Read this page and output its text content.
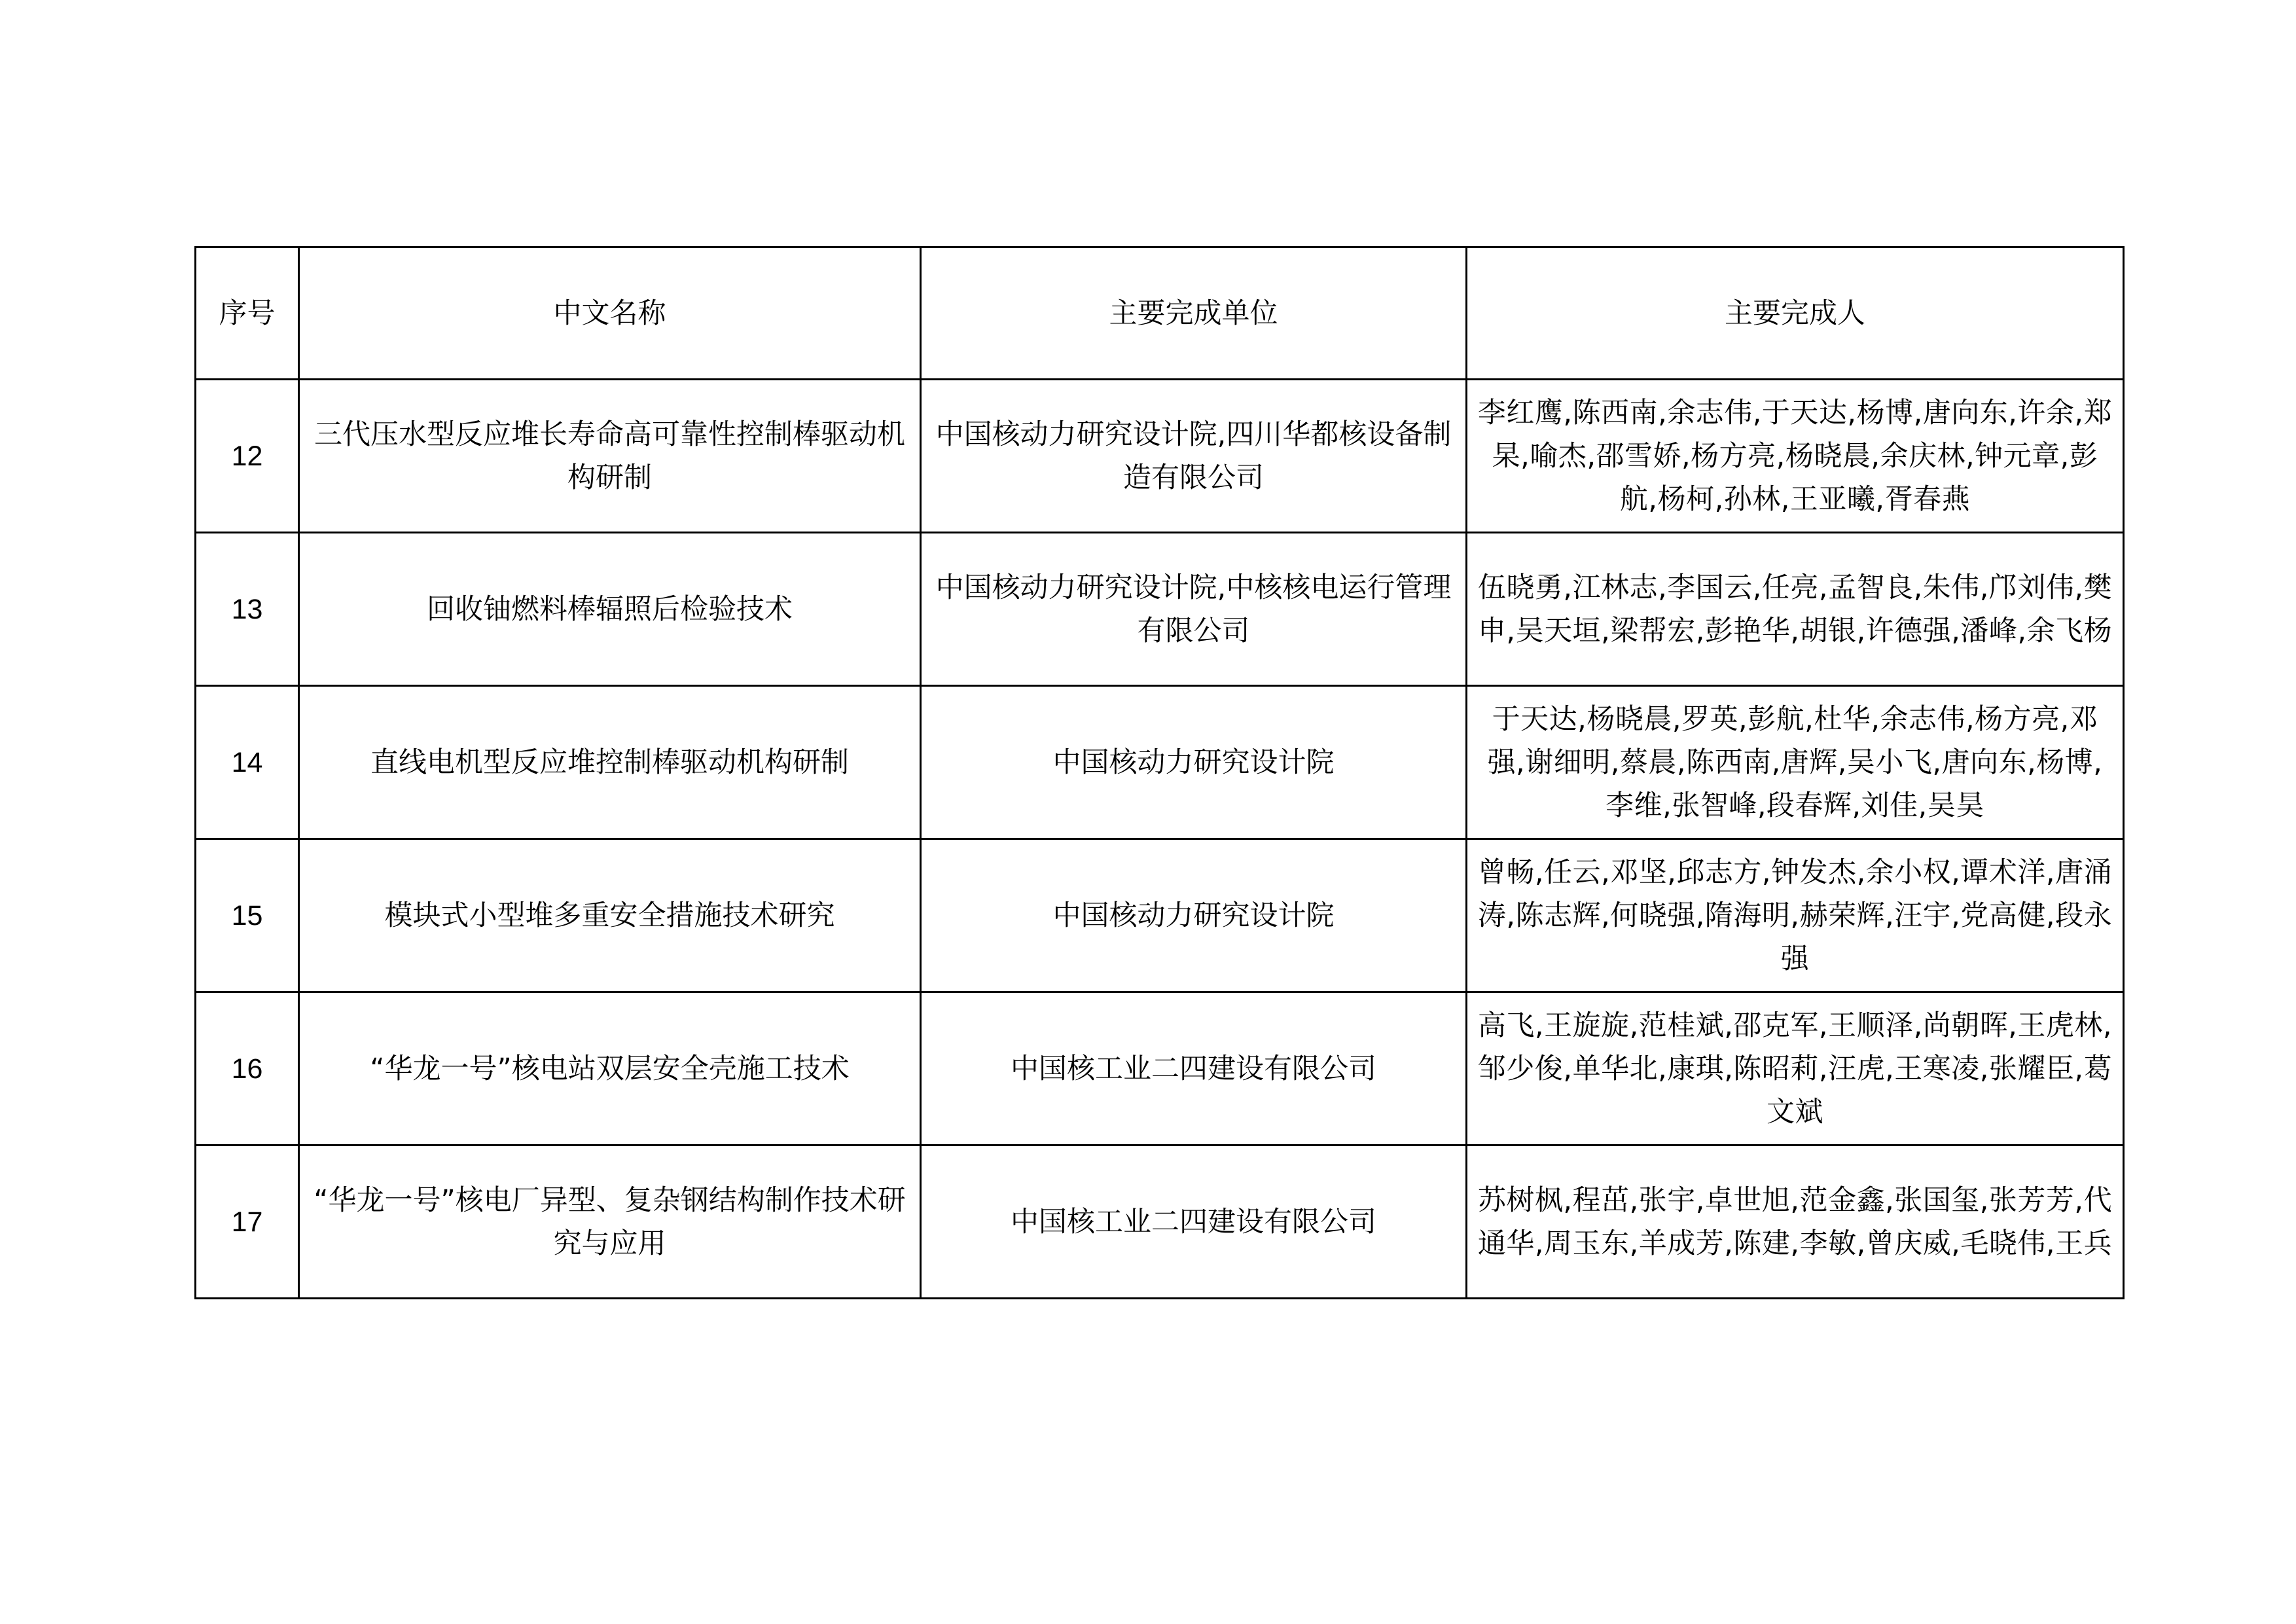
序号	中文名称	主要完成单位	主要完成人
12	三代压水型反应堆长寿命高可靠性控制棒驱动机构研制	中国核动力研究设计院,四川华都核设备制造有限公司	李红鹰,陈西南,余志伟,于天达,杨博,唐向东,许余,郑杲,喻杰,邵雪娇,杨方亮,杨晓晨,余庆林,钟元章,彭航,杨柯,孙林,王亚曦,胥春燕
13	回收铀燃料棒辐照后检验技术	中国核动力研究设计院,中核核电运行管理有限公司	伍晓勇,江林志,李国云,任亮,孟智良,朱伟,邝刘伟,樊申,吴天垣,梁帮宏,彭艳华,胡银,许德强,潘峰,余飞杨
14	直线电机型反应堆控制棒驱动机构研制	中国核动力研究设计院	于天达,杨晓晨,罗英,彭航,杜华,余志伟,杨方亮,邓强,谢细明,蔡晨,陈西南,唐辉,吴小飞,唐向东,杨博,李维,张智峰,段春辉,刘佳,吴昊
15	模块式小型堆多重安全措施技术研究	中国核动力研究设计院	曾畅,任云,邓坚,邱志方,钟发杰,余小权,谭术洋,唐涌涛,陈志辉,何晓强,隋海明,赫荣辉,汪宇,党高健,段永强
16	“华龙一号”核电站双层安全壳施工技术	中国核工业二四建设有限公司	高飞,王旋旋,范桂斌,邵克军,王顺泽,尚朝晖,王虎林,邹少俊,单华北,康琪,陈昭莉,汪虎,王寒凌,张耀臣,葛文斌
17	“华龙一号”核电厂异型、复杂钢结构制作技术研究与应用	中国核工业二四建设有限公司	苏树枫,程茁,张宇,卓世旭,范金鑫,张国玺,张芳芳,代通华,周玉东,羊成芳,陈建,李敏,曾庆威,毛晓伟,王兵
